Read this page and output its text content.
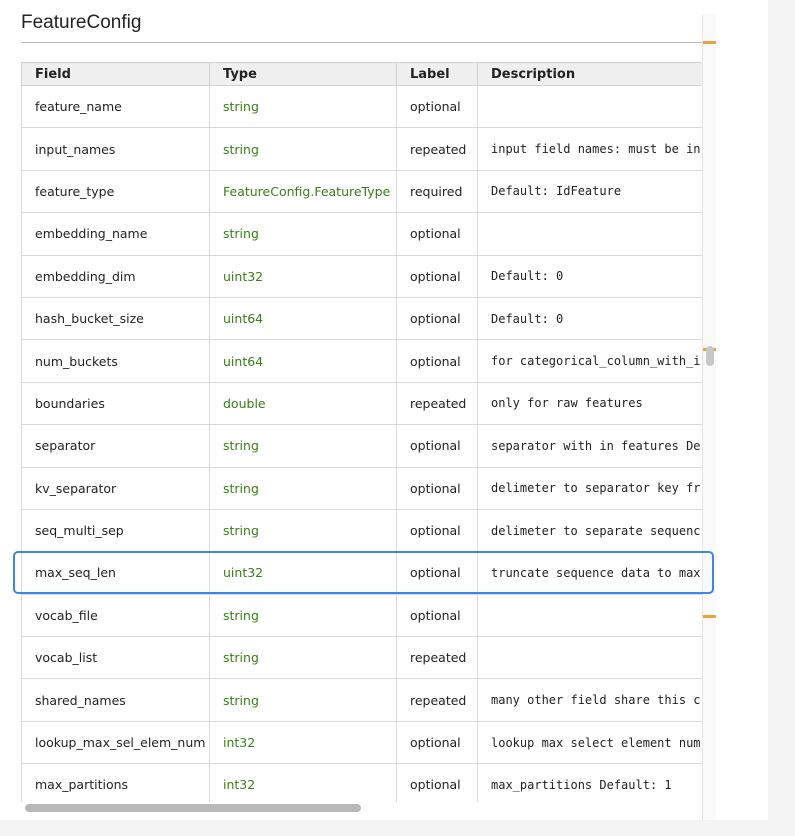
FeatureConfig
Field	Type	Label	Description
feature_name	string	optional	
input_names	string	repeated	input field names: must be in
feature_type	FeatureConfig.FeatureType	required	Default: IdFeature
embedding_name	string	optional	
embedding_dim	uint32	optional	Default: 0
hash_bucket_size	uint64	optional	Default: 0
num_buckets	uint64	optional	for categorical_column_with_i
boundaries	double	repeated	only for raw features
separator	string	optional	separator with in features De
kv_separator	string	optional	delimeter to separator key fr
seq_multi_sep	string	optional	delimeter to separate sequenc
max_seq_len	uint32	optional	truncate sequence data to max
vocab_file	string	optional	
vocab_list	string	repeated	
shared_names	string	repeated	many other field share this c
lookup_max_sel_elem_num	int32	optional	lookup max select element num
max_partitions	int32	optional	max_partitions Default: 1
